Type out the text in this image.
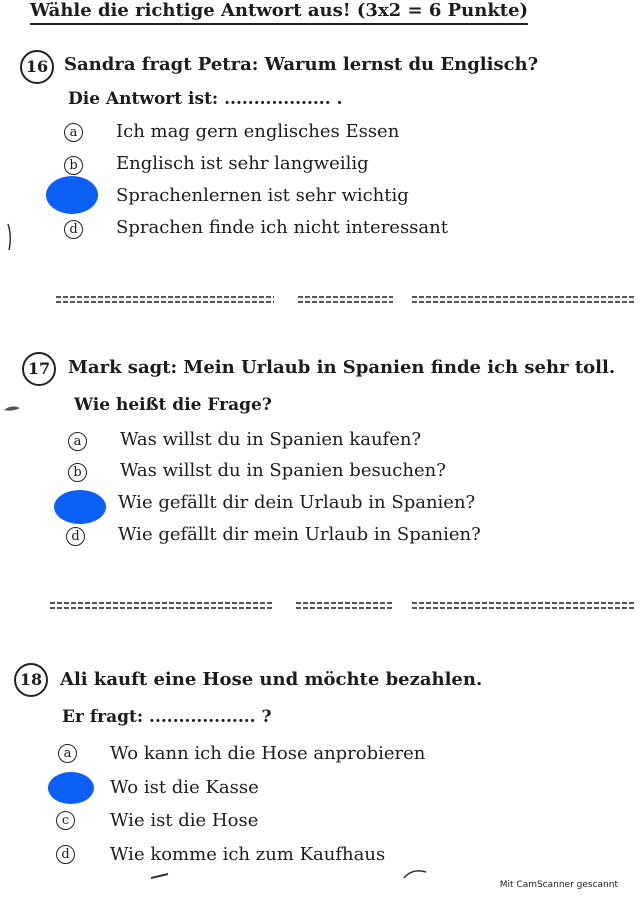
Wähle die richtige Antwort aus! (3x2 = 6 Punkte)
16 Sandra fragt Petra: Warum lernst du Englisch?
Die Antwort ist: .................. .
a	Ich mag gern englisches Essen
b Englisch ist sehr langweilig
Sprachenlernen ist sehr wichtig
d Sprachen finde ich nicht interessant
17 Mark sagt: Mein Urlaub in Spanien finde ich sehr toll.
Wie heißt die Frage?
a	Was willst du in Spanien kaufen?
b Was willst du in Spanien besuchen?
Wie gefällt dir dein Urlaub in Spanien?
d Wie gefällt dir mein Urlaub in Spanien?
18 Ali kauft eine Hose und möchte bezahlen.
Er fragt: .................. ?
a	Wo kann ich die Hose anprobieren
Wo ist die Kasse
c	Wie ist die Hose
d Wie komme ich zum Kaufhaus
Mit CamScanner gescannt
